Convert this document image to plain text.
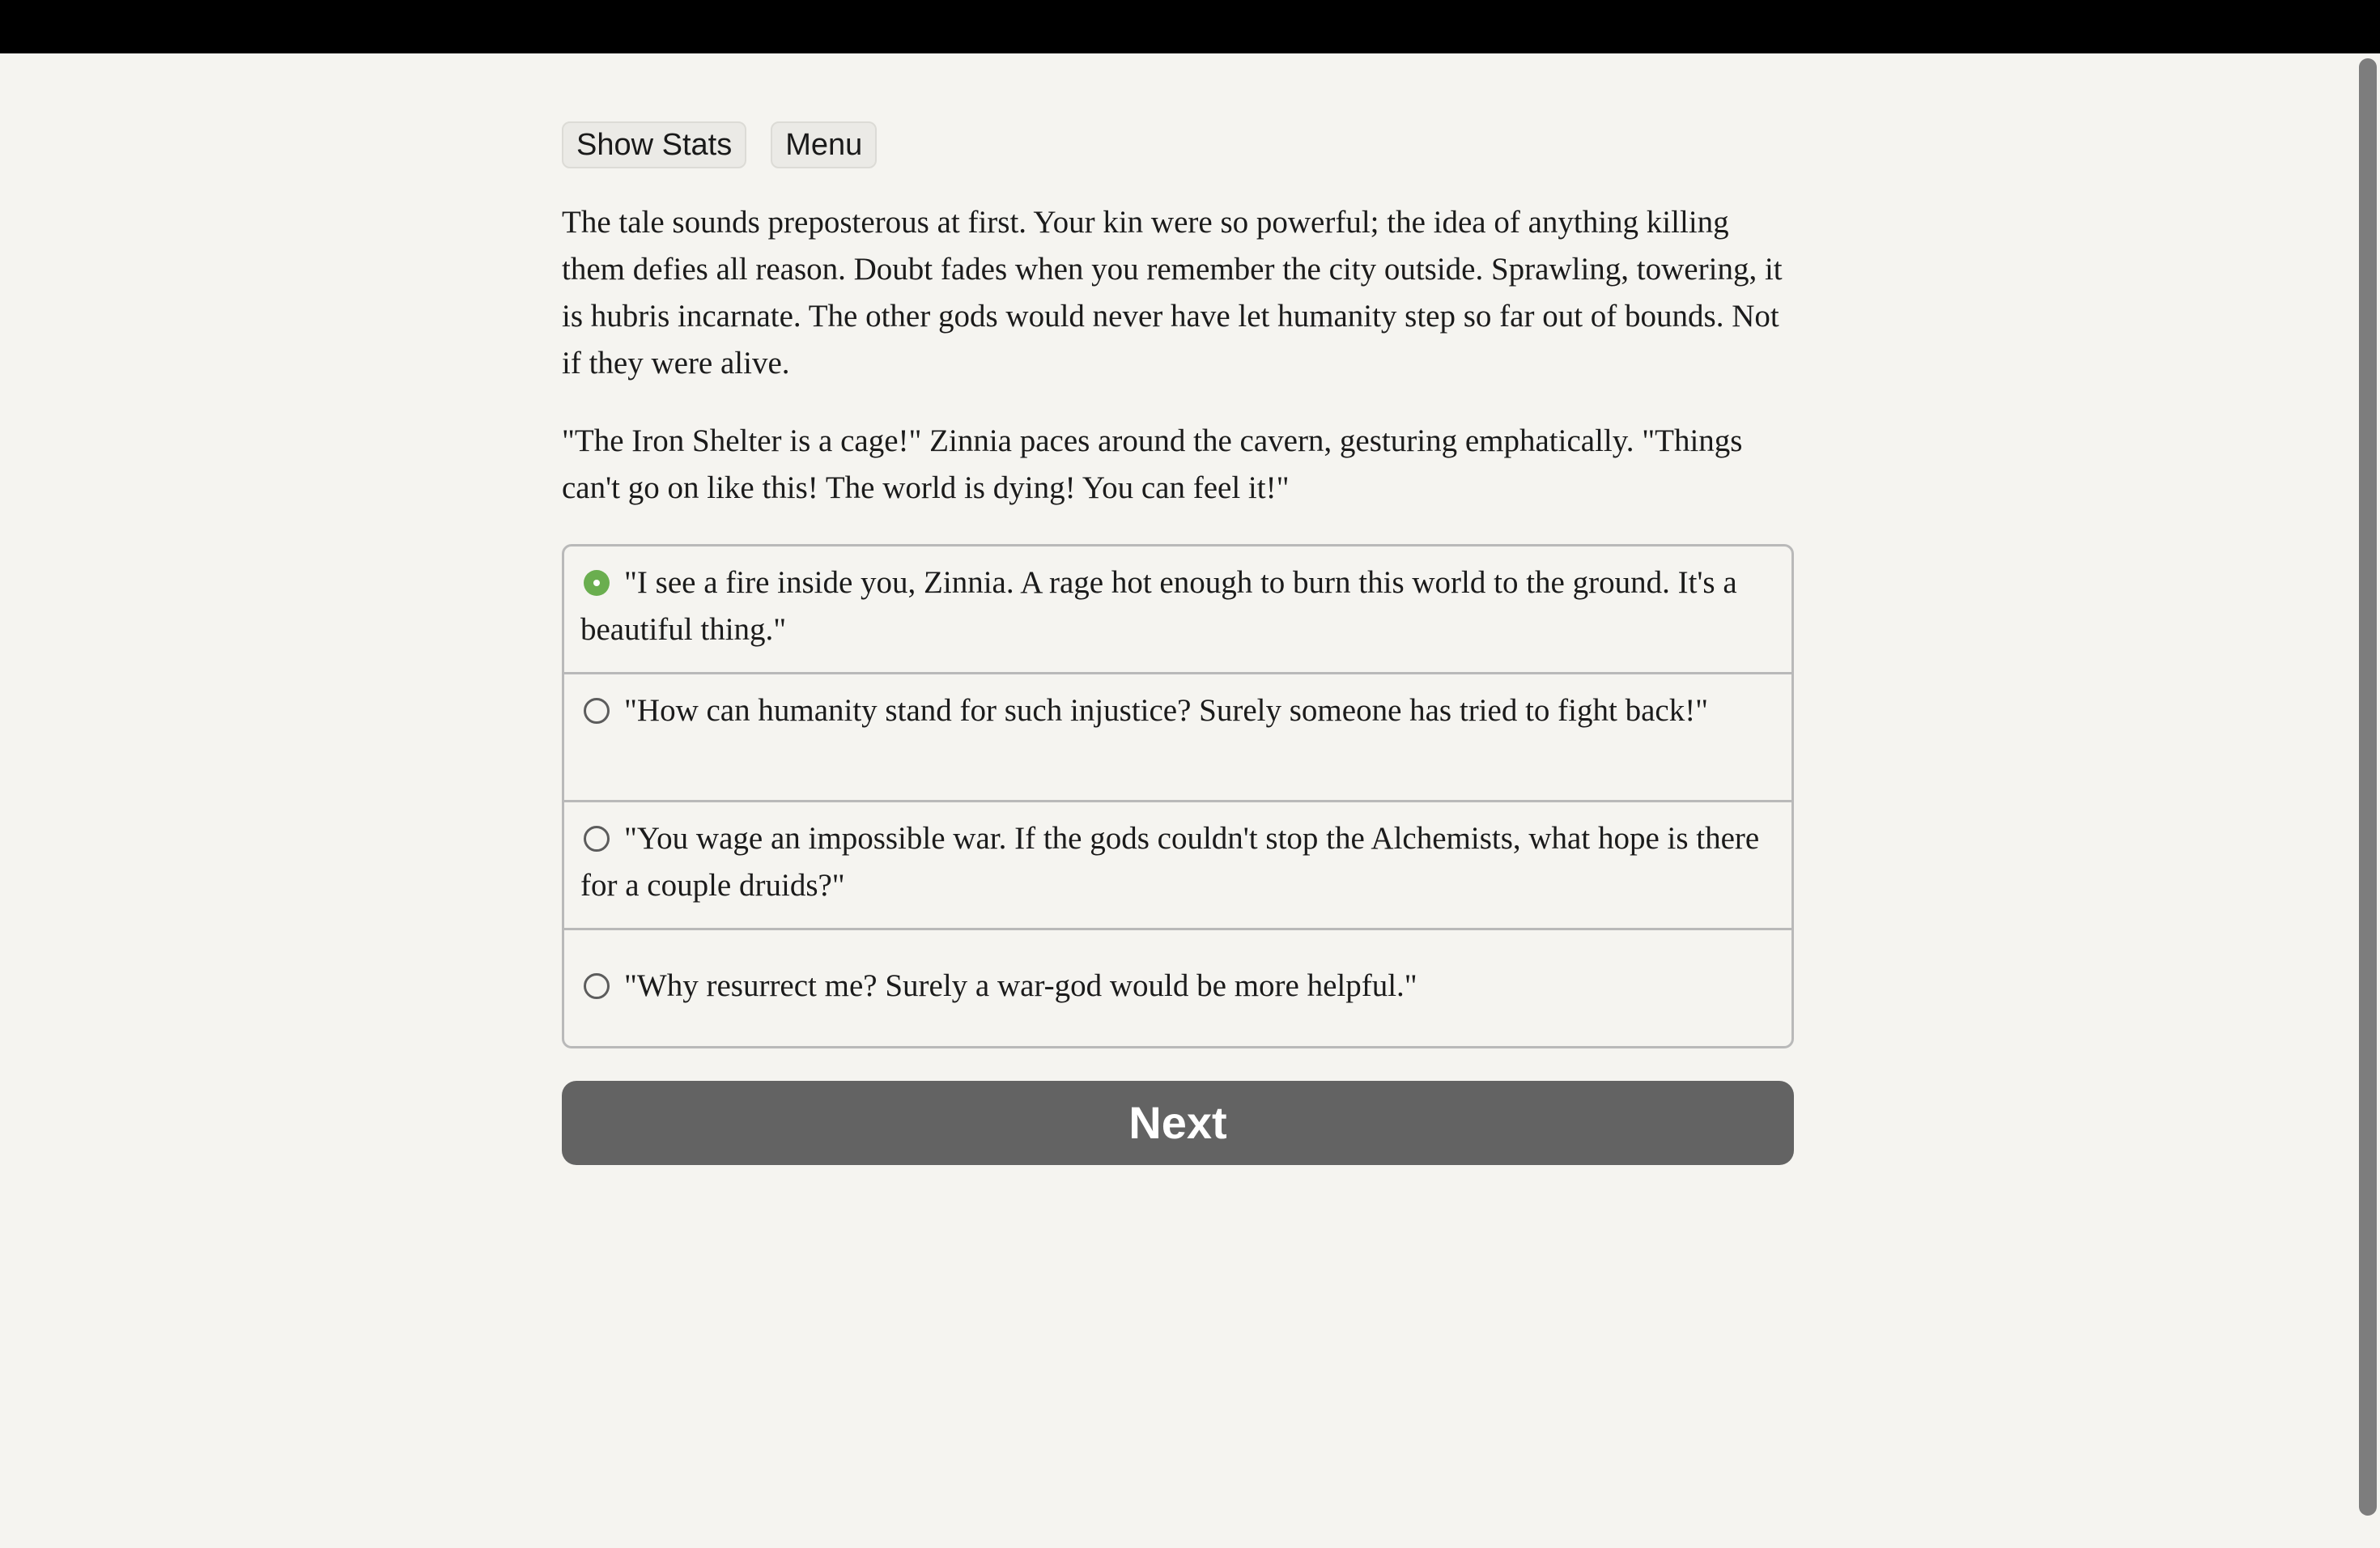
Show Stats	Menu

The tale sounds preposterous at first. Your kin were so powerful; the idea of anything killing them defies all reason. Doubt fades when you remember the city outside. Sprawling, towering, it is hubris incarnate. The other gods would never have let humanity step so far out of bounds. Not if they were alive.

"The Iron Shelter is a cage!" Zinnia paces around the cavern, gesturing emphatically. "Things can't go on like this! The world is dying! You can feel it!"

"I see a fire inside you, Zinnia. A rage hot enough to burn this world to the ground. It's a beautiful thing."
"How can humanity stand for such injustice? Surely someone has tried to fight back!"
"You wage an impossible war. If the gods couldn't stop the Alchemists, what hope is there for a couple druids?"
"Why resurrect me? Surely a war-god would be more helpful."
Next
